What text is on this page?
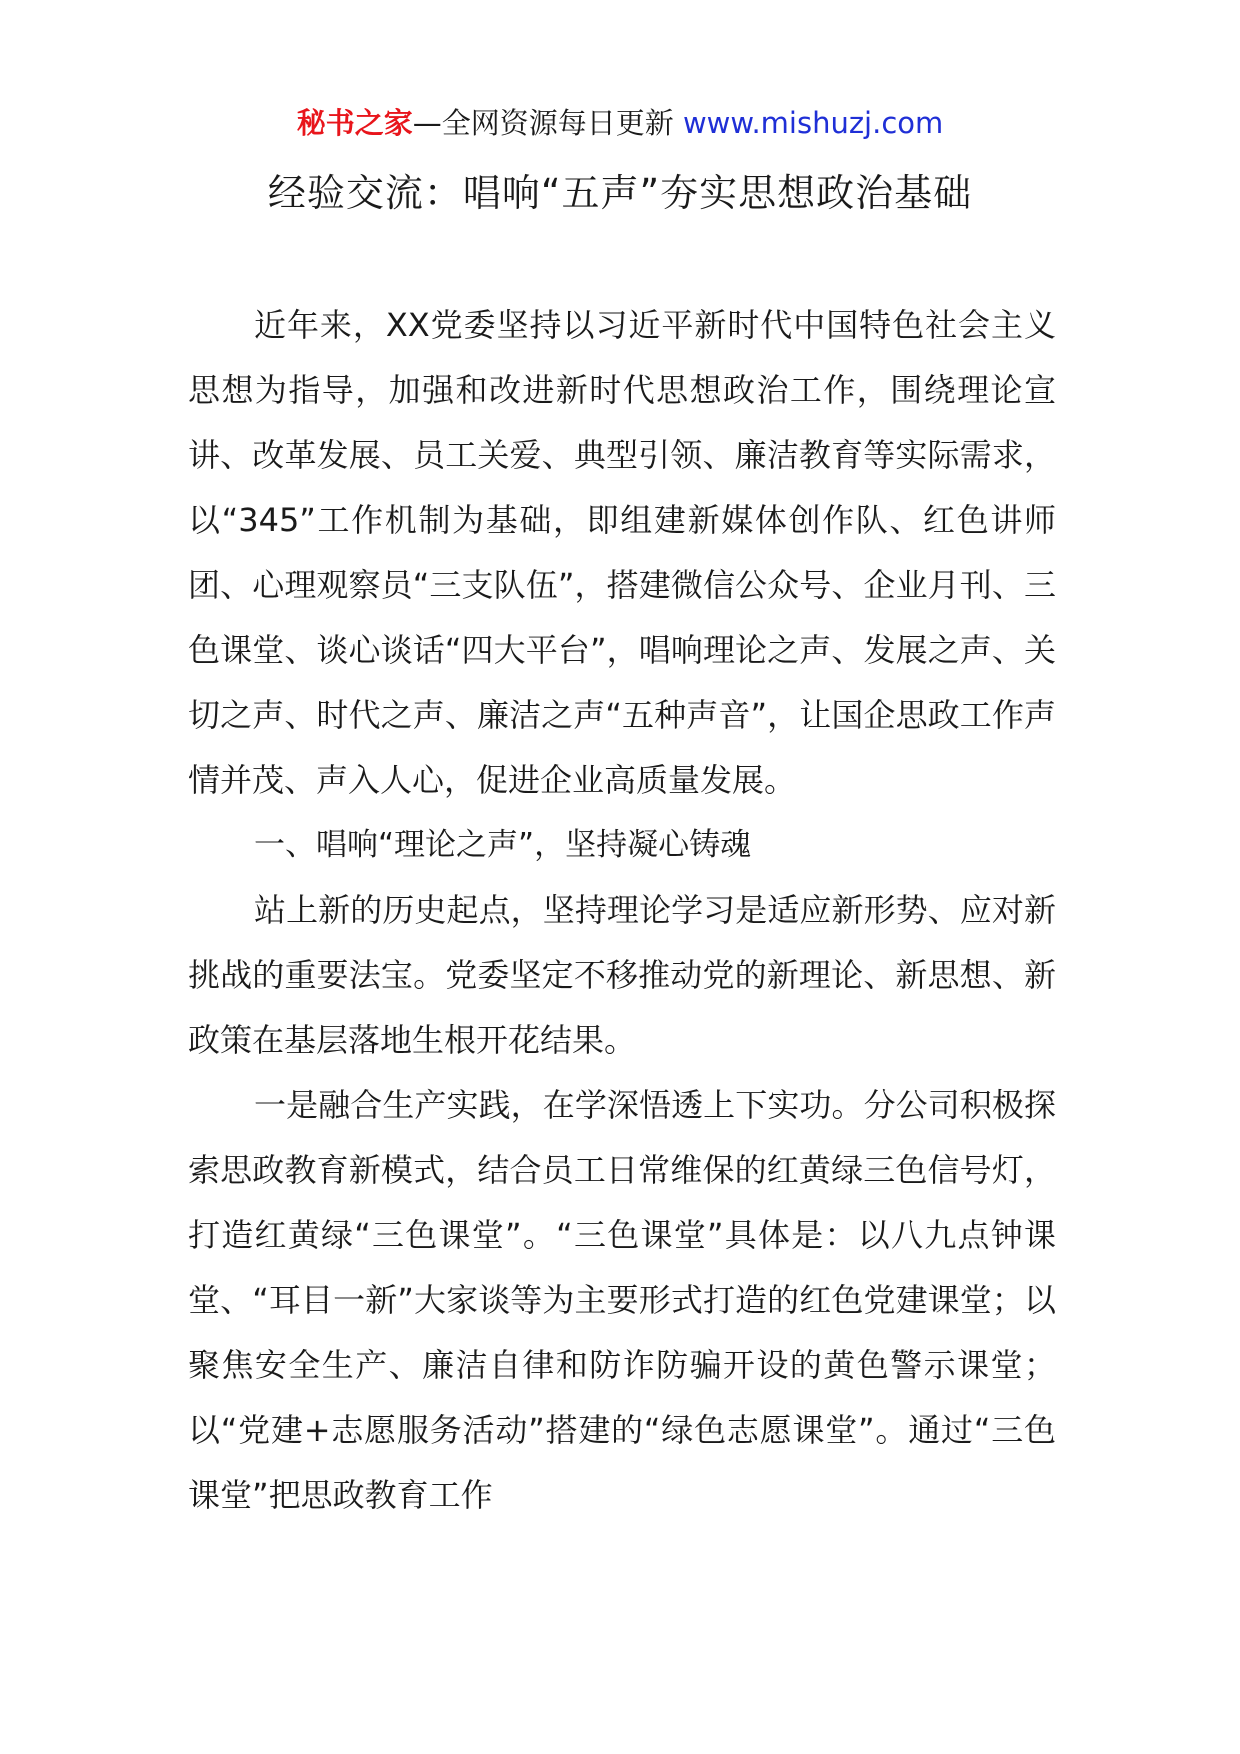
秘书之家—全网资源每日更新 www.mishuzj.com
经验交流：唱响“五声”夯实思想政治基础

近年来，XX党委坚持以习近平新时代中国特色社会主义思想为指导，加强和改进新时代思想政治工作，围绕理论宣讲、改革发展、员工关爱、典型引领、廉洁教育等实际需求，以“345”工作机制为基础，即组建新媒体创作队、红色讲师团、心理观察员“三支队伍”，搭建微信公众号、企业月刊、三色课堂、谈心谈话“四大平台”，唱响理论之声、发展之声、关切之声、时代之声、廉洁之声“五种声音”，让国企思政工作声情并茂、声入人心，促进企业高质量发展。

一、唱响“理论之声”，坚持凝心铸魂

站上新的历史起点，坚持理论学习是适应新形势、应对新挑战的重要法宝。党委坚定不移推动党的新理论、新思想、新政策在基层落地生根开花结果。

一是融合生产实践，在学深悟透上下实功。分公司积极探索思政教育新模式，结合员工日常维保的红黄绿三色信号灯，打造红黄绿“三色课堂”。“三色课堂”具体是：以八九点钟课堂、“耳目一新”大家谈等为主要形式打造的红色党建课堂；以聚焦安全生产、廉洁自律和防诈防骗开设的黄色警示课堂；以“党建+志愿服务活动”搭建的“绿色志愿课堂”。通过“三色课堂”把思政教育工作
